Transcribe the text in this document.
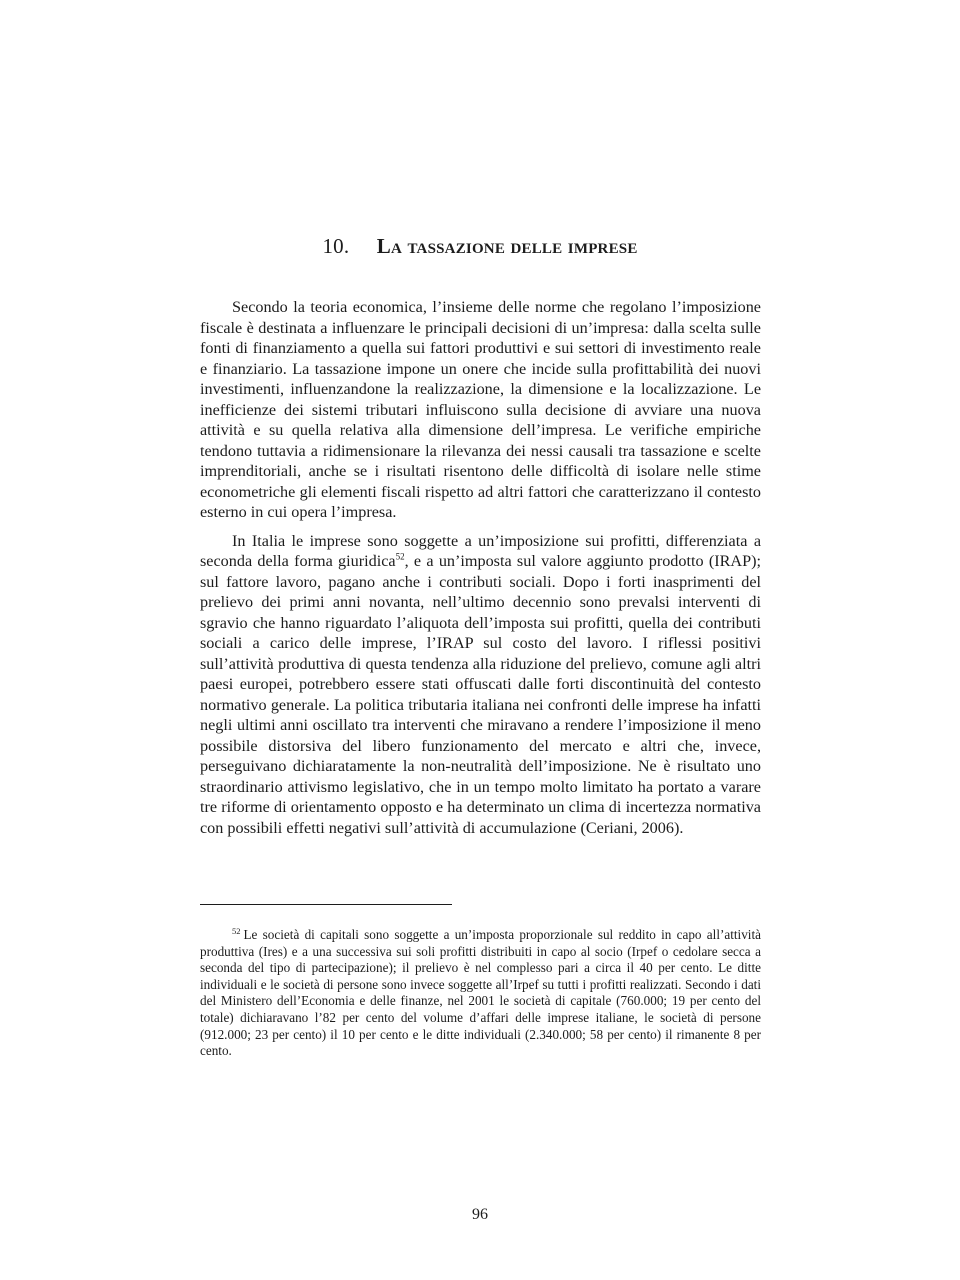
10. La tassazione delle imprese

Secondo la teoria economica, l’insieme delle norme che regolano l’imposizione fiscale è destinata a influenzare le principali decisioni di un’impresa: dalla scelta sulle fonti di finanziamento a quella sui fattori produttivi e sui settori di investimento reale e finanziario. La tassazione impone un onere che incide sulla profittabilità dei nuovi investimenti, influenzandone la realizzazione, la dimensione e la localizzazione. Le inefficienze dei sistemi tributari influiscono sulla decisione di avviare una nuova attività e su quella relativa alla dimensione dell’impresa. Le verifiche empiriche tendono tuttavia a ridimensionare la rilevanza dei nessi causali tra tassazione e scelte imprenditoriali, anche se i risultati risentono delle difficoltà di isolare nelle stime econometriche gli elementi fiscali rispetto ad altri fattori che caratterizzano il contesto esterno in cui opera l’impresa.

In Italia le imprese sono soggette a un’imposizione sui profitti, differenziata a seconda della forma giuridica$^{52}$, e a un’imposta sul valore aggiunto prodotto (IRAP); sul fattore lavoro, pagano anche i contributi sociali. Dopo i forti inasprimenti del prelievo dei primi anni novanta, nell’ultimo decennio sono prevalsi interventi di sgravio che hanno riguardato l’aliquota dell’imposta sui profitti, quella dei contributi sociali a carico delle imprese, l’IRAP sul costo del lavoro. I riflessi positivi sull’attività produttiva di questa tendenza alla riduzione del prelievo, comune agli altri paesi europei, potrebbero essere stati offuscati dalle forti discontinuità del contesto normativo generale. La politica tributaria italiana nei confronti delle imprese ha infatti negli ultimi anni oscillato tra interventi che miravano a rendere l’imposizione il meno possibile distorsiva del libero funzionamento del mercato e altri che, invece, perseguivano dichiaratamente la non-neutralità dell’imposizione. Ne è risultato uno straordinario attivismo legislativo, che in un tempo molto limitato ha portato a varare tre riforme di orientamento opposto e ha determinato un clima di incertezza normativa con possibili effetti negativi sull’attività di accumulazione (Ceriani, 2006).

$^{52}$ Le società di capitali sono soggette a un’imposta proporzionale sul reddito in capo all’attività produttiva (Ires) e a una successiva sui soli profitti distribuiti in capo al socio (Irpef o cedolare secca a seconda del tipo di partecipazione); il prelievo è nel complesso pari a circa il 40 per cento. Le ditte individuali e le società di persone sono invece soggette all’Irpef su tutti i profitti realizzati. Secondo i dati del Ministero dell’Economia e delle finanze, nel 2001 le società di capitale (760.000; 19 per cento del totale) dichiaravano l’82 per cento del volume d’affari delle imprese italiane, le società di persone (912.000; 23 per cento) il 10 per cento e le ditte individuali (2.340.000; 58 per cento) il rimanente 8 per cento.

96
